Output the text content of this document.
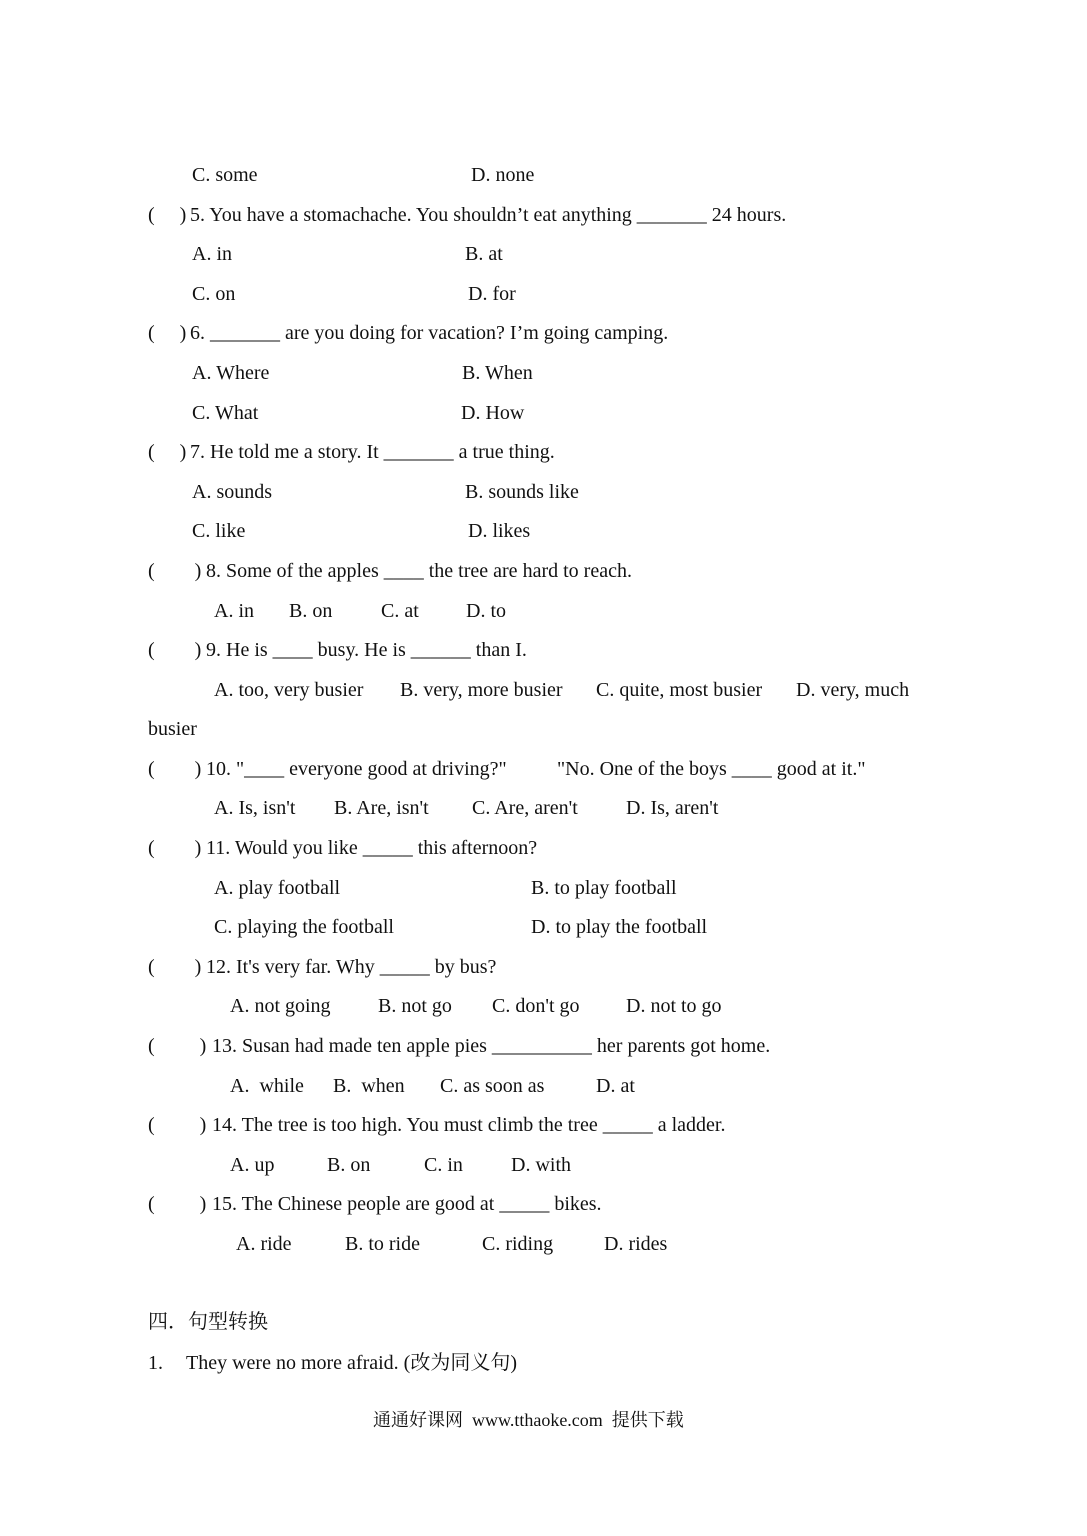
C. some	D. none
(     ) 5. You have a stomachache. You shouldn’t eat anything _______ 24 hours.
A. in	B. at
C. on	D. for
(     ) 6. _______ are you doing for vacation? I’m going camping.
A. Where	B. When
C. What	D. How
(     ) 7. He told me a story. It _______ a true thing.
A. sounds	B. sounds like
C. like	D. likes
(        ) 8. Some of the apples ____ the tree are hard to reach.
A. in B. on C. at D. to
(        ) 9. He is ____ busy. He is ______ than I.
A. too, very busier B. very, more busier C. quite, most busier D. very, much
busier
(        ) 10. "____ everyone good at driving?"	"No. One of the boys ____ good at it."
A. Is, isn't B. Are, isn't C. Are, aren't D. Is, aren't
(        ) 11. Would you like _____ this afternoon?
A. play football	B. to play football
C. playing the football	D. to play the football
(        ) 12. It's very far. Why _____ by bus?
A. not going B. not go C. don't go D. not to go
(         ) 13. Susan had made ten apple pies __________ her parents got home.
A.  while B.  when C. as soon as	D. at
(         ) 14. The tree is too high. You must climb the tree _____ a ladder.
A. up	B. on	C. in D. with
(         ) 15. The Chinese people are good at _____ bikes.
A. ride	B. to ride	C. riding	D. rides
四．句型转换
1. They were no more afraid. (改为同义句)
通通好课网  www.tthaoke.com  提供下载
